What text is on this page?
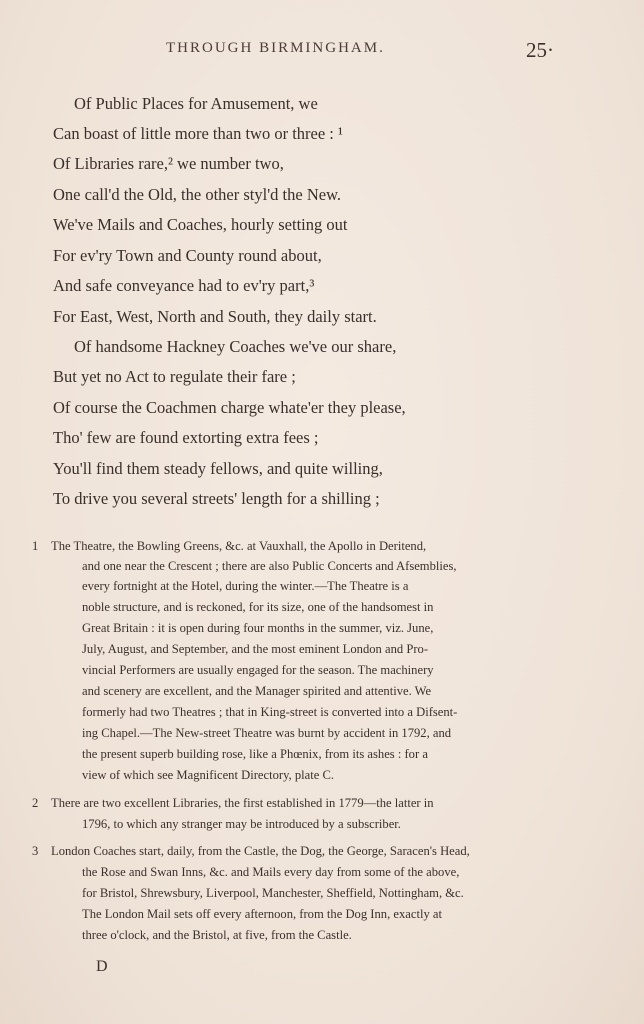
THROUGH BIRMINGHAM.	25·
Of Public Places for Amusement, we
Can boast of little more than two or three : ¹
Of Libraries rare,² we number two,
One call'd the Old, the other styl'd the New.
We've Mails and Coaches, hourly setting out
For ev'ry Town and County round about,
And safe conveyance had to ev'ry part,³
For East, West, North and South, they daily start.
Of handsome Hackney Coaches we've our share,
But yet no Act to regulate their fare ;
Of course the Coachmen charge whate'er they please,
Tho' few are found extorting extra fees ;
You'll find them steady fellows, and quite willing,
To drive you several streets' length for a shilling ;
1 The Theatre, the Bowling Greens, &c. at Vauxhall, the Apollo in Deritend,
and one near the Crescent ; there are also Public Concerts and Afsemblies,
every fortnight at the Hotel, during the winter.—The Theatre is a
noble structure, and is reckoned, for its size, one of the handsomest in
Great Britain : it is open during four months in the summer, viz. June,
July, August, and September, and the most eminent London and Pro-
vincial Performers are usually engaged for the season. The machinery
and scenery are excellent, and the Manager spirited and attentive. We
formerly had two Theatres ; that in King-street is converted into a Difsent-
ing Chapel.—The New-street Theatre was burnt by accident in 1792, and
the present superb building rose, like a Phœnix, from its ashes : for a
view of which see Magnificent Directory, plate C.
2 There are two excellent Libraries, the first established in 1779—the latter in
1796, to which any stranger may be introduced by a subscriber.
3 London Coaches start, daily, from the Castle, the Dog, the George, Saracen's Head,
the Rose and Swan Inns, &c. and Mails every day from some of the above,
for Bristol, Shrewsbury, Liverpool, Manchester, Sheffield, Nottingham, &c.
The London Mail sets off every afternoon, from the Dog Inn, exactly at
three o'clock, and the Bristol, at five, from the Castle.
D
